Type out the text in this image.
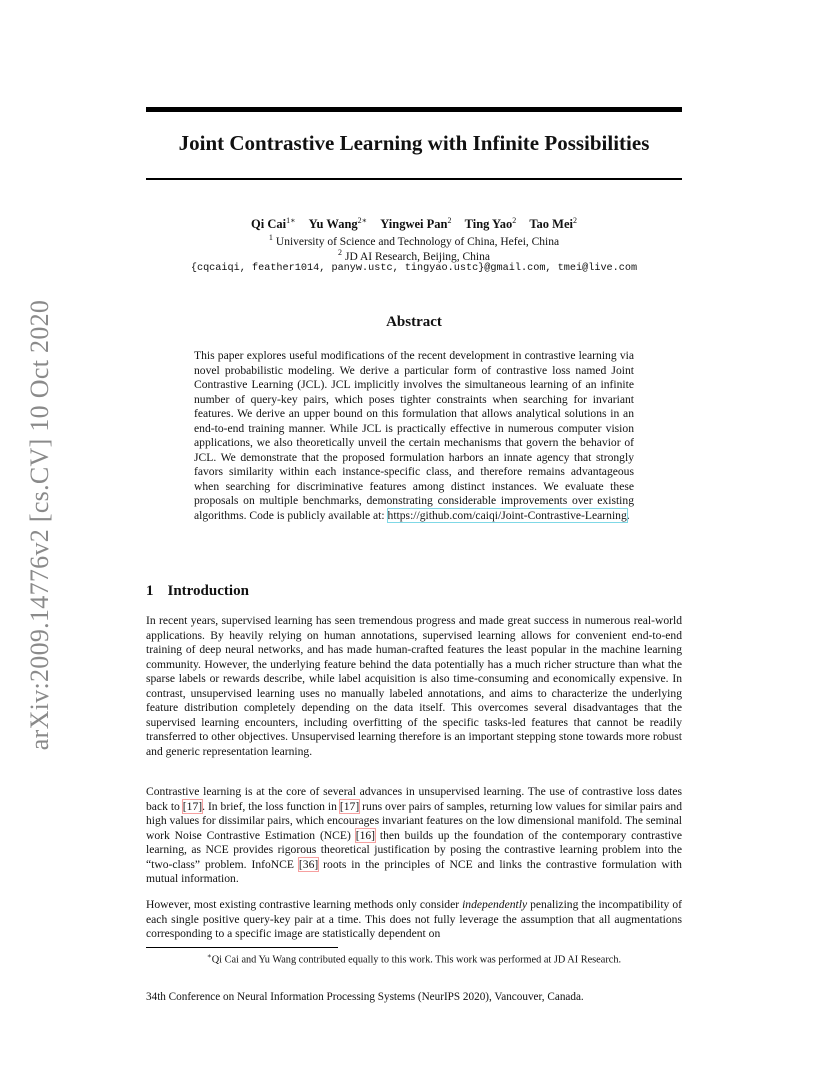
arXiv:2009.14776v2 [cs.CV] 10 Oct 2020
Joint Contrastive Learning with Infinite Possibilities
Qi Cai$^{1∗}$ Yu Wang$^{2∗}$ Yingwei Pan$^2$ Ting Yao$^2$ Tao Mei$^2$
$^1$ University of Science and Technology of China, Hefei, China
$^2$ JD AI Research, Beijing, China
{cqcaiqi, feather1014, panyw.ustc, tingyao.ustc}@gmail.com, tmei@live.com
Abstract

This paper explores useful modifications of the recent development in contrastive learning via novel probabilistic modeling. We derive a particular form of contrastive loss named Joint Contrastive Learning (JCL). JCL implicitly involves the simultaneous learning of an infinite number of query-key pairs, which poses tighter constraints when searching for invariant features. We derive an upper bound on this formulation that allows analytical solutions in an end-to-end training manner. While JCL is practically effective in numerous computer vision applications, we also theoretically unveil the certain mechanisms that govern the behavior of JCL. We demonstrate that the proposed formulation harbors an innate agency that strongly favors similarity within each instance-specific class, and therefore remains advantageous when searching for discriminative features among distinct instances. We evaluate these proposals on multiple benchmarks, demonstrating considerable improvements over existing algorithms. Code is publicly available at: https://github.com/caiqi/Joint-Contrastive-Learning.

1 Introduction

In recent years, supervised learning has seen tremendous progress and made great success in numerous real-world applications. By heavily relying on human annotations, supervised learning allows for convenient end-to-end training of deep neural networks, and has made human-crafted features the least popular in the machine learning community. However, the underlying feature behind the data potentially has a much richer structure than what the sparse labels or rewards describe, while label acquisition is also time-consuming and economically expensive. In contrast, unsupervised learning uses no manually labeled annotations, and aims to characterize the underlying feature distribution completely depending on the data itself. This overcomes several disadvantages that the supervised learning encounters, including overfitting of the specific tasks-led features that cannot be readily transferred to other objectives. Unsupervised learning therefore is an important stepping stone towards more robust and generic representation learning.

Contrastive learning is at the core of several advances in unsupervised learning. The use of contrastive loss dates back to [17]. In brief, the loss function in [17] runs over pairs of samples, returning low values for similar pairs and high values for dissimilar pairs, which encourages invariant features on the low dimensional manifold. The seminal work Noise Contrastive Estimation (NCE) [16] then builds up the foundation of the contemporary contrastive learning, as NCE provides rigorous theoretical justification by posing the contrastive learning problem into the “two-class” problem. InfoNCE [36] roots in the principles of NCE and links the contrastive formulation with mutual information.

However, most existing contrastive learning methods only consider independently penalizing the incompatibility of each single positive query-key pair at a time. This does not fully leverage the assumption that all augmentations corresponding to a specific image are statistically dependent on

∗Qi Cai and Yu Wang contributed equally to this work. This work was performed at JD AI Research.
34th Conference on Neural Information Processing Systems (NeurIPS 2020), Vancouver, Canada.
